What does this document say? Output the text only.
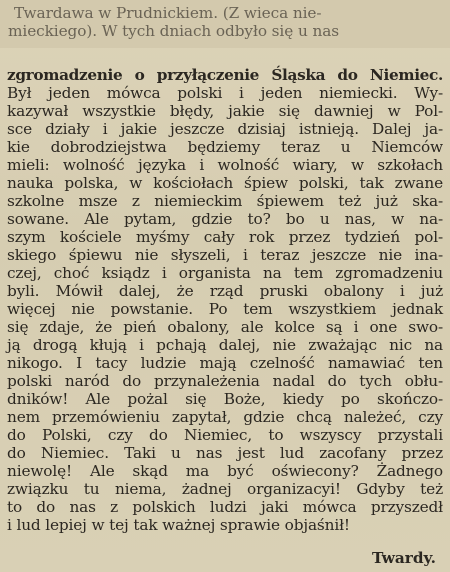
Twardawa w Prudnickiem. (Z wieca nie-
mieckiego). W tych dniach odbyło się u nas
zgromadzenie o przyłączenie Śląska do Niemiec.
Był jeden mówca polski i jeden niemiecki. Wy-
kazywał wszystkie błędy, jakie się dawniej w Pol-
sce działy i jakie jeszcze dzisiaj istnieją. Dalej ja-
kie dobrodziejstwa będziemy teraz u Niemców
mieli: wolność języka i wolność wiary, w szkołach
nauka polska, w kościołach śpiew polski, tak zwane
szkolne msze z niemieckim śpiewem też już ska-
sowane. Ale pytam, gdzie to? bo u nas, w na-
szym kościele myśmy cały rok przez tydzień pol-
skiego śpiewu nie słyszeli, i teraz jeszcze nie ina-
czej, choć ksiądz i organista na tem zgromadzeniu
byli. Mówił dalej, że rząd pruski obalony i już
więcej nie powstanie. Po tem wszystkiem jednak
się zdaje, że pień obalony, ale kolce są i one swo-
ją drogą kłują i pchają dalej, nie zważając nic na
nikogo. I tacy ludzie mają czelność namawiać ten
polski naród do przynależenia nadal do tych obłu-
dników! Ale pożal się Boże, kiedy po skończo-
nem przemówieniu zapytał, gdzie chcą należeć, czy
do Polski, czy do Niemiec, to wszyscy przystali
do Niemiec. Taki u nas jest lud zacofany przez
niewolę! Ale skąd ma być oświecony? Żadnego
związku tu niema, żadnej organizacyi! Gdyby też
to do nas z polskich ludzi jaki mówca przyszedł
i lud lepiej w tej tak ważnej sprawie objaśnił!
Twardy.
